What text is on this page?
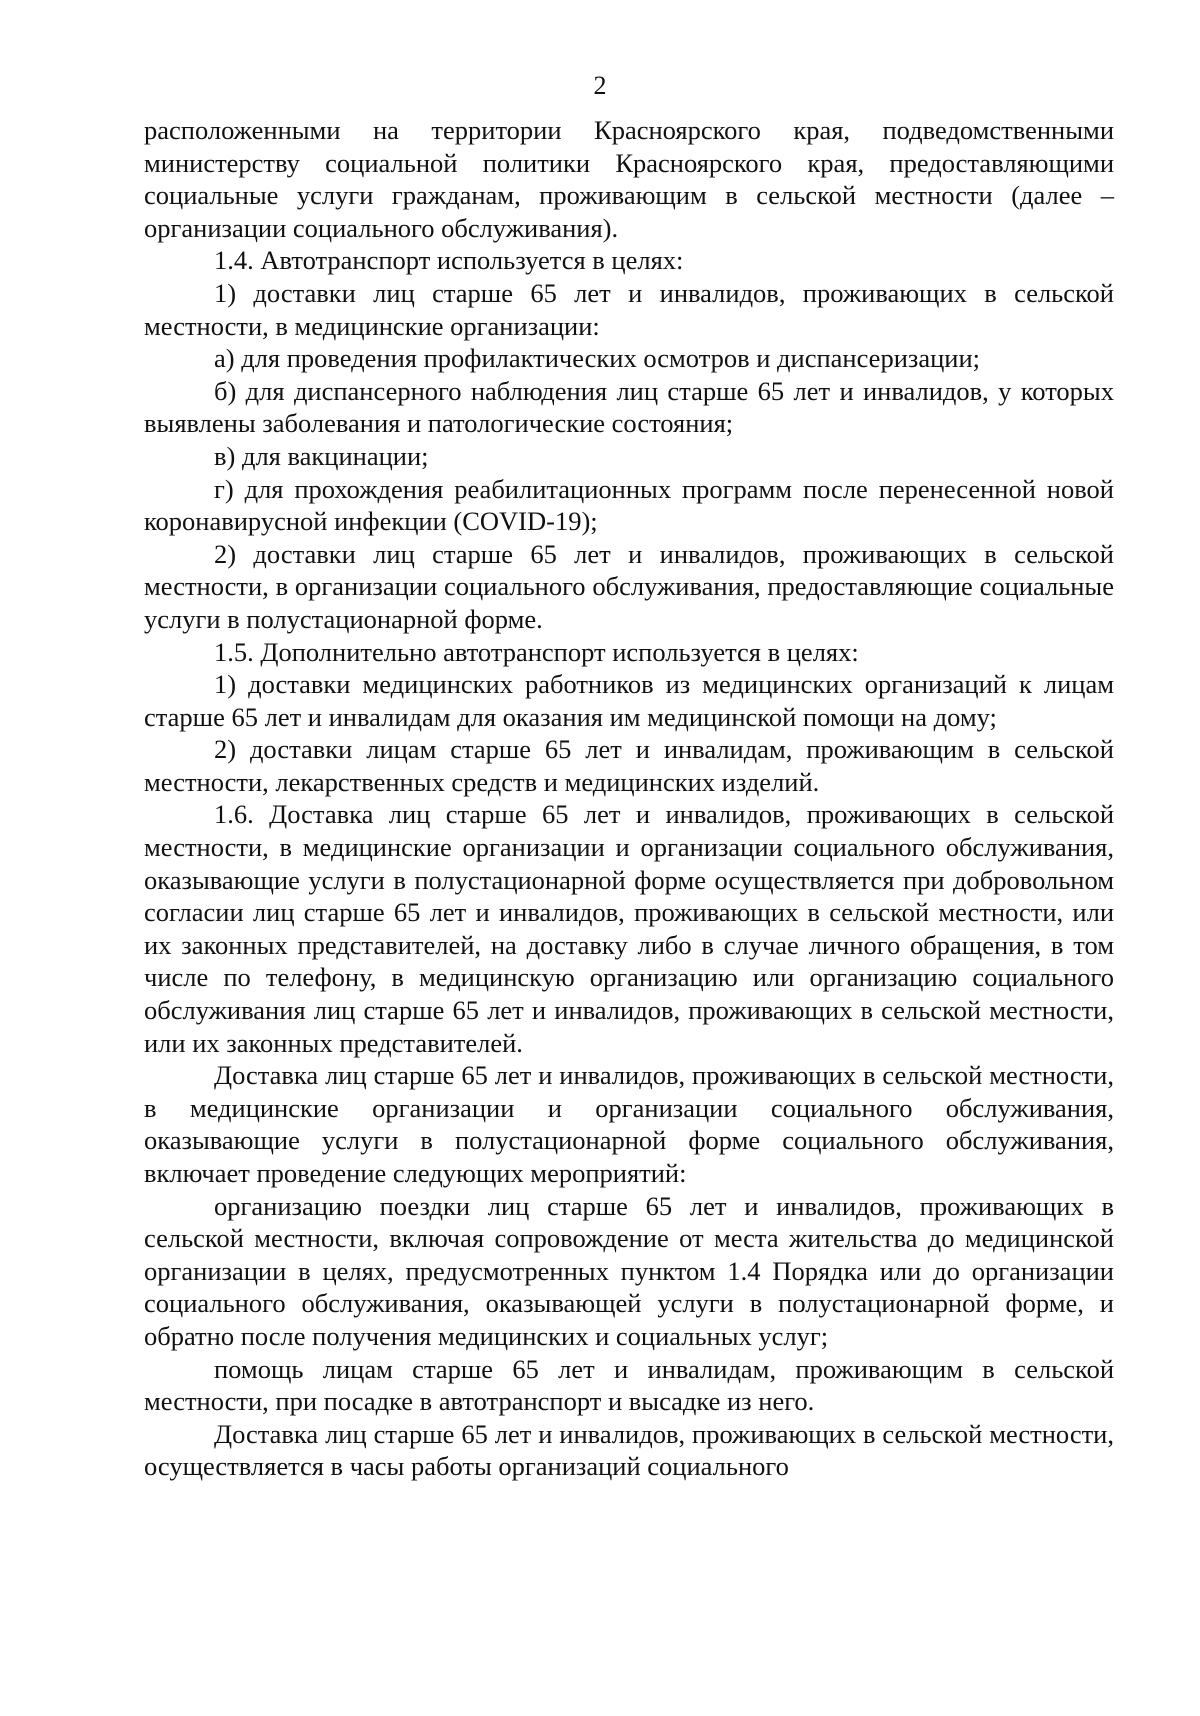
2

расположенными на территории Красноярского края, подведомственными министерству социальной политики Красноярского края, предоставляющими социальные услуги гражданам, проживающим в сельской местности (далее – организации социального обслуживания).

1.4. Автотранспорт используется в целях:

1) доставки лиц старше 65 лет и инвалидов, проживающих в сельской местности, в медицинские организации:

а) для проведения профилактических осмотров и диспансеризации;

б) для диспансерного наблюдения лиц старше 65 лет и инвалидов, у которых выявлены заболевания и патологические состояния;

в) для вакцинации;

г) для прохождения реабилитационных программ после перенесенной новой коронавирусной инфекции (COVID-19);

2) доставки лиц старше 65 лет и инвалидов, проживающих в сельской местности, в организации социального обслуживания, предоставляющие социальные услуги в полустационарной форме.

1.5. Дополнительно автотранспорт используется в целях:

1) доставки медицинских работников из медицинских организаций к лицам старше 65 лет и инвалидам для оказания им медицинской помощи на дому;

2) доставки лицам старше 65 лет и инвалидам, проживающим в сельской местности, лекарственных средств и медицинских изделий.

1.6. Доставка лиц старше 65 лет и инвалидов, проживающих в сельской местности, в медицинские организации и организации социального обслуживания, оказывающие услуги в полустационарной форме осуществляется при добровольном согласии лиц старше 65 лет и инвалидов, проживающих в сельской местности, или их законных представителей, на доставку либо в случае личного обращения, в том числе по телефону, в медицинскую организацию или организацию социального обслуживания лиц старше 65 лет и инвалидов, проживающих в сельской местности, или их законных представителей.

Доставка лиц старше 65 лет и инвалидов, проживающих в сельской местности, в медицинские организации и организации социального обслуживания, оказывающие услуги в полустационарной форме социального обслуживания, включает проведение следующих мероприятий:

организацию поездки лиц старше 65 лет и инвалидов, проживающих в сельской местности, включая сопровождение от места жительства до медицинской организации в целях, предусмотренных пунктом 1.4 Порядка или до организации социального обслуживания, оказывающей услуги в полустационарной форме, и обратно после получения медицинских и социальных услуг;

помощь лицам старше 65 лет и инвалидам, проживающим в сельской местности, при посадке в автотранспорт и высадке из него.

Доставка лиц старше 65 лет и инвалидов, проживающих в сельской местности, осуществляется в часы работы организаций социального
